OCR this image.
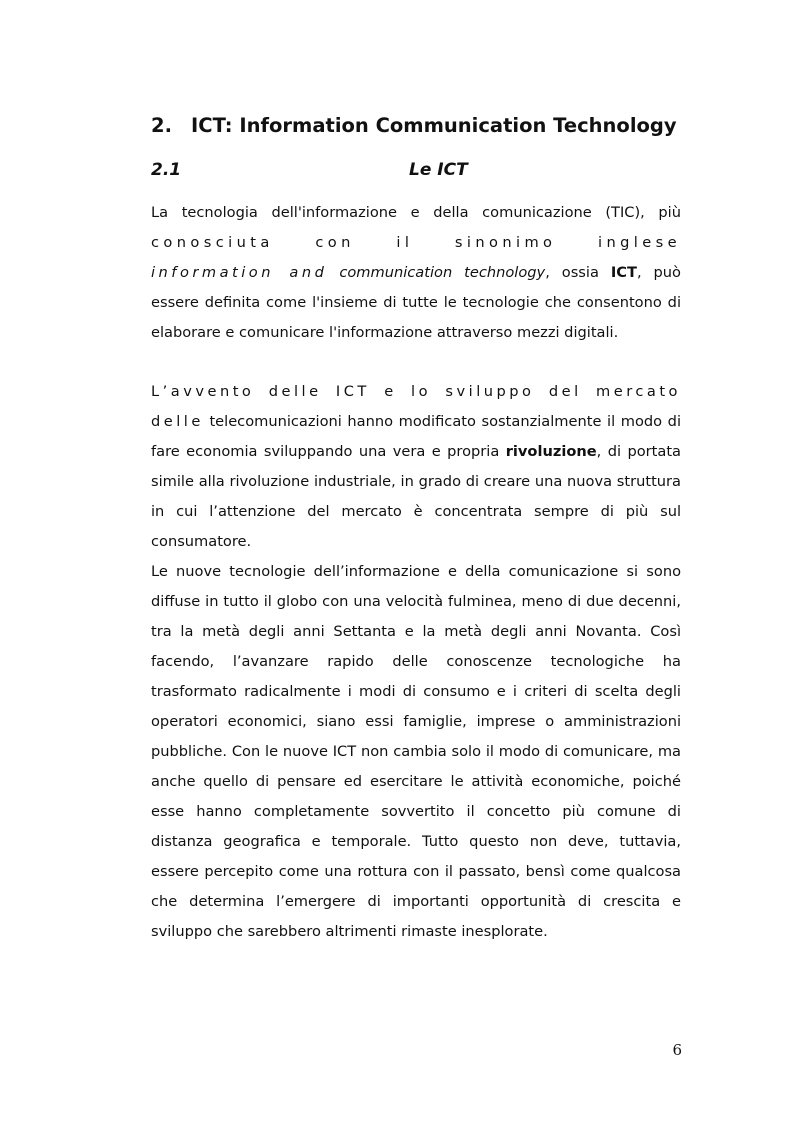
2. ICT: Information Communication Technology
2.1	Le ICT

La tecnologia dell'informazione e della comunicazione (TIC), più conosciuta con il sinonimo inglese information and communication technology, ossia ICT, può essere definita come l'insieme di tutte le tecnologie che consentono di elaborare e comunicare l'informazione attraverso mezzi digitali.

L’avvento delle ICT e lo sviluppo del mercato delle telecomunicazioni hanno modificato sostanzialmente il modo di fare economia sviluppando una vera e propria rivoluzione, di portata simile alla rivoluzione industriale, in grado di creare una nuova struttura in cui l’attenzione del mercato è concentrata sempre di più sul consumatore.

Le nuove tecnologie dell’informazione e della comunicazione si sono diffuse in tutto il globo con una velocità fulminea, meno di due decenni, tra la metà degli anni Settanta e la metà degli anni Novanta. Così facendo, l’avanzare rapido delle conoscenze tecnologiche ha trasformato radicalmente i modi di consumo e i criteri di scelta degli operatori economici, siano essi famiglie, imprese o amministrazioni pubbliche. Con le nuove ICT non cambia solo il modo di comunicare, ma anche quello di pensare ed esercitare le attività economiche, poiché esse hanno completamente sovvertito il concetto più comune di distanza geografica e temporale. Tutto questo non deve, tuttavia, essere percepito come una rottura con il passato, bensì come qualcosa che determina l’emergere di importanti opportunità di crescita e sviluppo che sarebbero altrimenti rimaste inesplorate.

6
